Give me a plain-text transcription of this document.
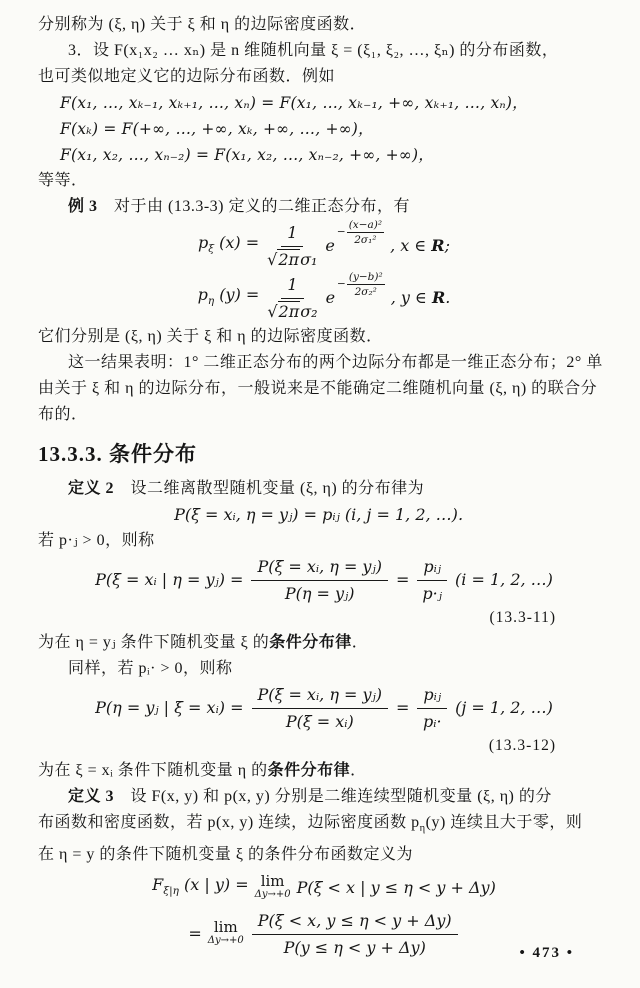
分别称为 (ξ, η) 关于 ξ 和 η 的边际密度函数．
3．设 F(x₁x₂ … xₙ) 是 n 维随机向量 ξ = (ξ₁, ξ₂, …, ξₙ) 的分布函数，
也可类似地定义它的边际分布函数．例如
F(x₁, …, xₖ₋₁, xₖ₊₁, …, xₙ) = F(x₁, …, xₖ₋₁, +∞, xₖ₊₁, …, xₙ)，
F(xₖ) = F(+∞, …, +∞, xₖ, +∞, …, +∞)，
F(x₁, x₂, …, xₙ₋₂) = F(x₁, x₂, …, xₙ₋₂, +∞, +∞)，
等等．
例 3　对于由 (13.3-3) 定义的二维正态分布，有
$p_\xi$ $(x) = \frac{1}{\text{√2πσ₁}}$ e
− $\frac{\text{(x−a)²}}{\text{2σ₁²}}$ , x ∈ R;
$p_\eta$ $(y) = \frac{1}{\text{√2πσ₂}}$ e
− $\frac{\text{(y−b)²}}{\text{2σ₂²}}$ , y ∈ R.
它们分别是 (ξ, η) 关于 ξ 和 η 的边际密度函数．
这一结果表明：1° 二维正态分布的两个边际分布都是一维正态分布；2° 单
由关于 ξ 和 η 的边际分布，一般说来是不能确定二维随机向量 (ξ, η) 的联合分
布的．
13.3.3. 条件分布
定义 2　设二维离散型随机变量 (ξ, η) 的分布律为
P(ξ = xᵢ, η = yⱼ) = pᵢⱼ (i, j = 1, 2, …)．
若 p·ⱼ > 0，则称
P(ξ = xᵢ | η = yⱼ) = $\frac{\text{P(ξ = xᵢ, η = yⱼ)}}{\text{P(η = yⱼ)}} = \frac{\text{pᵢⱼ}}{\text{p·ⱼ}} (i = 1$, 2, …)
(13.3-11)
为在 η = yⱼ 条件下随机变量 ξ 的条件分布律．
同样，若 pᵢ· > 0，则称
P(η = yⱼ | ξ = xᵢ) = $\frac{\text{P(ξ = xᵢ, η = yⱼ)}}{\text{P(ξ = xᵢ)}} = \frac{\text{pᵢⱼ}}{\text{pᵢ·}} (j = 1$, 2, …)
(13.3-12)
为在 ξ = xᵢ 条件下随机变量 η 的条件分布律．
定义 3　设 F(x, y) 和 p(x, y) 分别是二维连续型随机变量 (ξ, η) 的分
布函数和密度函数，若 p(x, y) 连续，边际密度函数 $p_\eta(y)$ 连续且大于零，则
在 η = y 的条件下随机变量 ξ 的条件分布函数定义为
$F_{\xi|\eta}$ (x | y) = lim
Δy→+0 P(ξ < x | y ≤ η < y + Δy)
= lim
$\Delta y\to+0 \frac{P(\xi < x, y \le \eta < y + \Delta y)}{P(y \le \eta < y + \Delta y)}$	• 473 •
